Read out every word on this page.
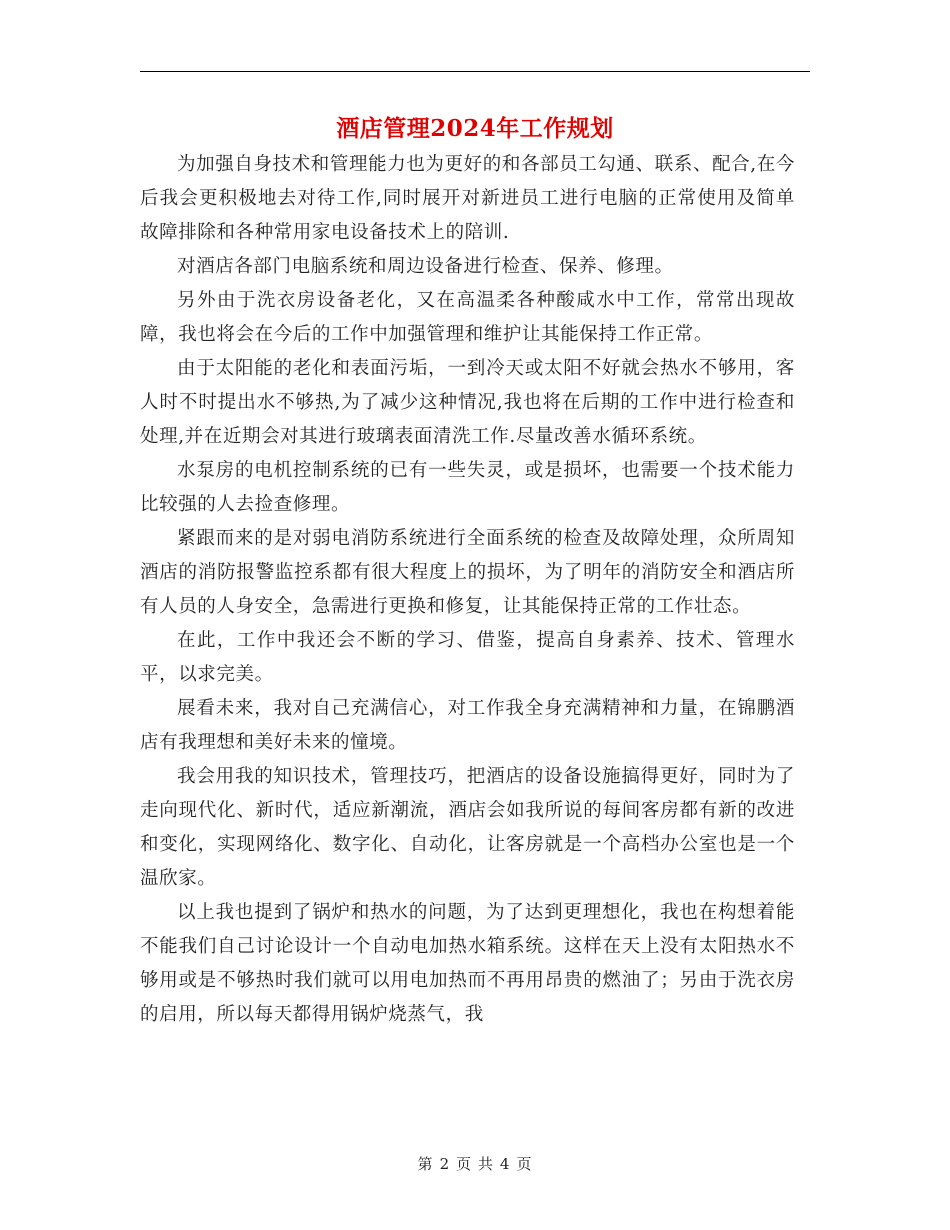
酒店管理2024年工作规划

为加强自身技术和管理能力也为更好的和各部员工勾通、联系、配合,在今后我会更积极地去对待工作,同时展开对新进员工进行电脑的正常使用及简单故障排除和各种常用家电设备技术上的陪训.

对酒店各部门电脑系统和周边设备进行检查、保养、修理。

另外由于洗衣房设备老化，又在高温柔各种酸咸水中工作，常常出现故障，我也将会在今后的工作中加强管理和维护让其能保持工作正常。

由于太阳能的老化和表面污垢，一到冷天或太阳不好就会热水不够用，客人时不时提出水不够热,为了减少这种情况,我也将在后期的工作中进行检查和处理,并在近期会对其进行玻璃表面清洗工作.尽量改善水循环系统。

水泵房的电机控制系统的已有一些失灵，或是损坏，也需要一个技术能力比较强的人去捡查修理。

紧跟而来的是对弱电消防系统进行全面系统的检查及故障处理，众所周知酒店的消防报警监控系都有很大程度上的损坏，为了明年的消防安全和酒店所有人员的人身安全，急需进行更换和修复，让其能保持正常的工作壮态。

在此，工作中我还会不断的学习、借鉴，提高自身素养、技术、管理水平，以求完美。

展看未来，我对自己充满信心，对工作我全身充满精神和力量，在锦鹏酒店有我理想和美好未来的憧境。

我会用我的知识技术，管理技巧，把酒店的设备设施搞得更好，同时为了走向现代化、新时代，适应新潮流，酒店会如我所说的每间客房都有新的改进和变化，实现网络化、数字化、自动化，让客房就是一个高档办公室也是一个温欣家。

以上我也提到了锅炉和热水的问题，为了达到更理想化，我也在构想着能不能我们自己讨论设计一个自动电加热水箱系统。这样在天上没有太阳热水不够用或是不够热时我们就可以用电加热而不再用昂贵的燃油了；另由于洗衣房的启用，所以每天都得用锅炉烧蒸气，我

第 2 页 共 4 页
